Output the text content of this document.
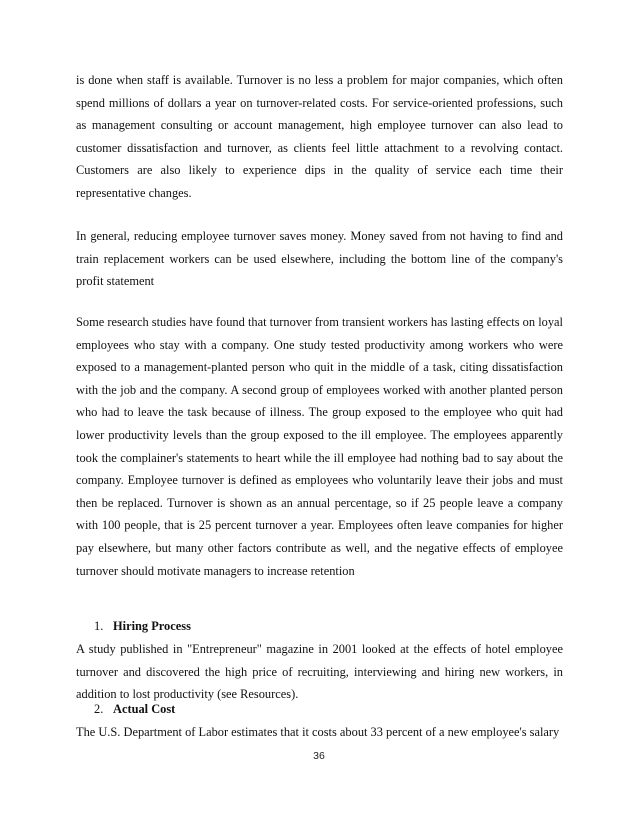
is done when staff is available. Turnover is no less a problem for major companies, which often spend millions of dollars a year on turnover-related costs. For service-oriented professions, such as management consulting or account management, high employee turnover can also lead to customer dissatisfaction and turnover, as clients feel little attachment to a revolving contact. Customers are also likely to experience dips in the quality of service each time their representative changes.

In general, reducing employee turnover saves money. Money saved from not having to find and train replacement workers can be used elsewhere, including the bottom line of the company's profit statement

Some research studies have found that turnover from transient workers has lasting effects on loyal employees who stay with a company. One study tested productivity among workers who were exposed to a management-planted person who quit in the middle of a task, citing dissatisfaction with the job and the company. A second group of employees worked with another planted person who had to leave the task because of illness. The group exposed to the employee who quit had lower productivity levels than the group exposed to the ill employee. The employees apparently took the complainer's statements to heart while the ill employee had nothing bad to say about the company. Employee turnover is defined as employees who voluntarily leave their jobs and must then be replaced. Turnover is shown as an annual percentage, so if 25 people leave a company with 100 people, that is 25 percent turnover a year. Employees often leave companies for higher pay elsewhere, but many other factors contribute as well, and the negative effects of employee turnover should motivate managers to increase retention

1. Hiring Process

A study published in "Entrepreneur" magazine in 2001 looked at the effects of hotel employee turnover and discovered the high price of recruiting, interviewing and hiring new workers, in addition to lost productivity (see Resources).

2. Actual Cost

The U.S. Department of Labor estimates that it costs about 33 percent of a new employee's salary

36
